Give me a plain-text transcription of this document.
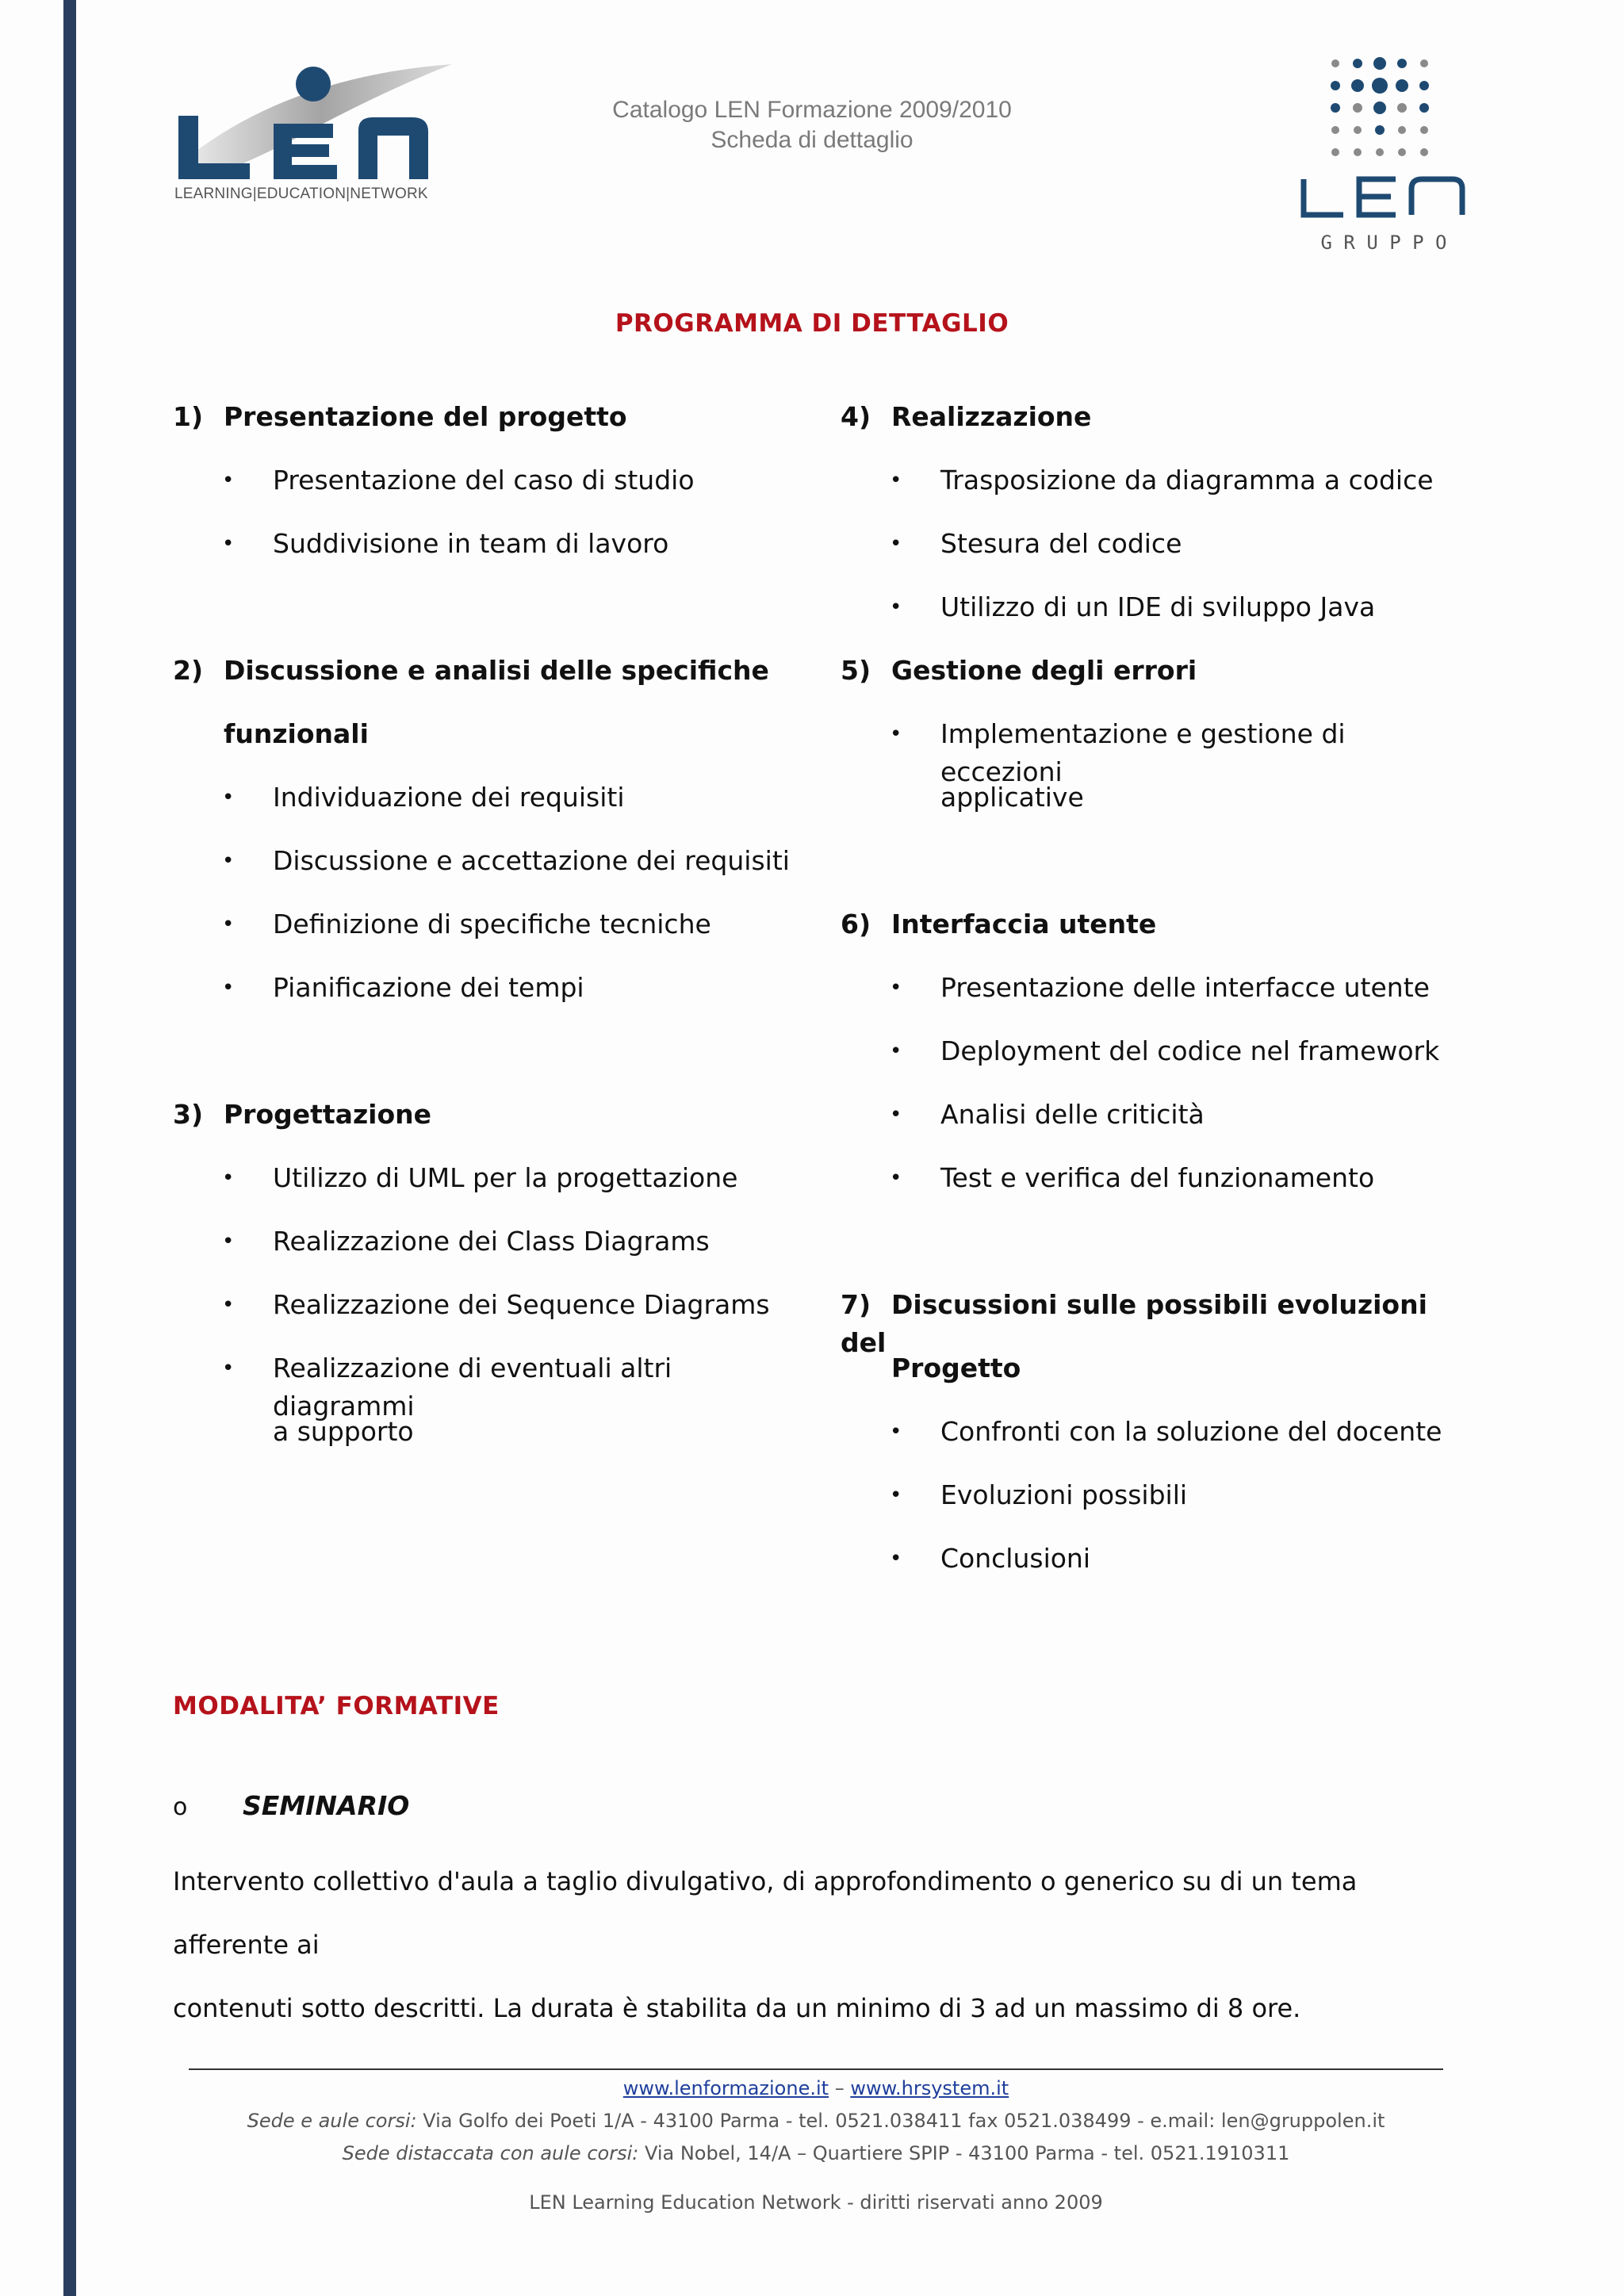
LEARNING|EDUCATION|NETWORK
Catalogo LEN Formazione 2009/2010
Scheda di dettaglio
G R U P P O
PROGRAMMA DI DETTAGLIO
1) Presentazione del progetto
• Presentazione del caso di studio
• Suddivisione in team di lavoro
2) Discussione e analisi delle specifiche
funzionali
• Individuazione dei requisiti
• Discussione e accettazione dei requisiti
• Definizione di specifiche tecniche
• Pianificazione dei tempi
3) Progettazione
• Utilizzo di UML per la progettazione
• Realizzazione dei Class Diagrams
• Realizzazione dei Sequence Diagrams
• Realizzazione di eventuali altri diagrammi
a supporto
4) Realizzazione
• Trasposizione da diagramma a codice
• Stesura del codice
• Utilizzo di un IDE di sviluppo Java
5) Gestione degli errori
• Implementazione e gestione di eccezioni
applicative
6) Interfaccia utente
• Presentazione delle interfacce utente
• Deployment del codice nel framework
• Analisi delle criticità
• Test e verifica del funzionamento
7) Discussioni sulle possibili evoluzioni del
Progetto
• Confronti con la soluzione del docente
• Evoluzioni possibili
• Conclusioni
MODALITA’ FORMATIVE
o SEMINARIO
Intervento collettivo d'aula a taglio divulgativo, di approfondimento o generico su di un tema afferente ai
contenuti sotto descritti. La durata è stabilita da un minimo di 3 ad un massimo di 8 ore.
www.lenformazione.it – www.hrsystem.it
Sede e aule corsi: Via Golfo dei Poeti 1/A - 43100 Parma - tel. 0521.038411 fax 0521.038499 - e.mail: len@gruppolen.it
Sede distaccata con aule corsi: Via Nobel, 14/A – Quartiere SPIP - 43100 Parma - tel. 0521.1910311
LEN Learning Education Network - diritti riservati anno 2009
